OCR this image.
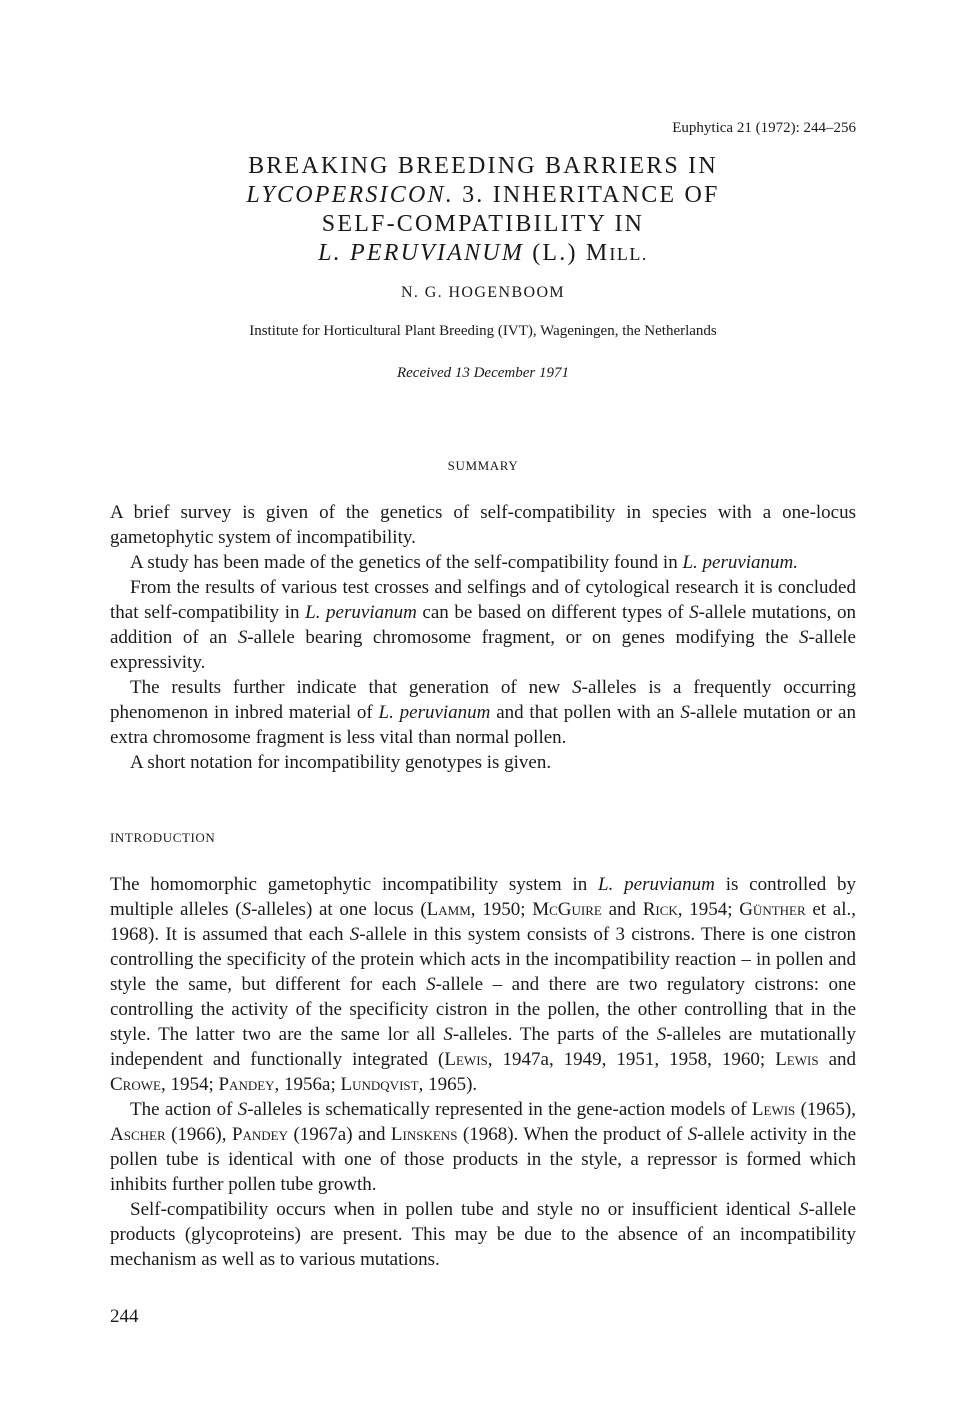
Euphytica 21 (1972): 244–256
BREAKING BREEDING BARRIERS IN
LYCOPERSICON. 3. INHERITANCE OF
SELF-COMPATIBILITY IN
L. PERUVIANUM (L.) MILL.
N. G. HOGENBOOM
Institute for Horticultural Plant Breeding (IVT), Wageningen, the Netherlands
Received 13 December 1971
SUMMARY

A brief survey is given of the genetics of self-compatibility in species with a one-locus gametophytic system of incompatibility.

A study has been made of the genetics of the self-compatibility found in L. peruvianum.

From the results of various test crosses and selfings and of cytological research it is concluded that self-compatibility in L. peruvianum can be based on different types of S-allele mutations, on addition of an S-allele bearing chromosome fragment, or on genes modifying the S-allele expressivity.

The results further indicate that generation of new S-alleles is a frequently occurring phenomenon in inbred material of L. peruvianum and that pollen with an S-allele mutation or an extra chromosome fragment is less vital than normal pollen.

A short notation for incompatibility genotypes is given.

INTRODUCTION

The homomorphic gametophytic incompatibility system in L. peruvianum is controlled by multiple alleles (S-alleles) at one locus (Lamm, 1950; McGuire and Rick, 1954; Günther et al., 1968). It is assumed that each S-allele in this system consists of 3 cistrons. There is one cistron controlling the specificity of the protein which acts in the incompatibility reaction – in pollen and style the same, but different for each S-allele – and there are two regulatory cistrons: one controlling the activity of the specificity cistron in the pollen, the other controlling that in the style. The latter two are the same lor all S-alleles. The parts of the S-alleles are mutationally independent and functionally integrated (Lewis, 1947a, 1949, 1951, 1958, 1960; Lewis and Crowe, 1954; Pandey, 1956a; Lundqvist, 1965).

The action of S-alleles is schematically represented in the gene-action models of Lewis (1965), Ascher (1966), Pandey (1967a) and Linskens (1968). When the product of S-allele activity in the pollen tube is identical with one of those products in the style, a repressor is formed which inhibits further pollen tube growth.

Self-compatibility occurs when in pollen tube and style no or insufficient identical S-allele products (glycoproteins) are present. This may be due to the absence of an incompatibility mechanism as well as to various mutations.

244
